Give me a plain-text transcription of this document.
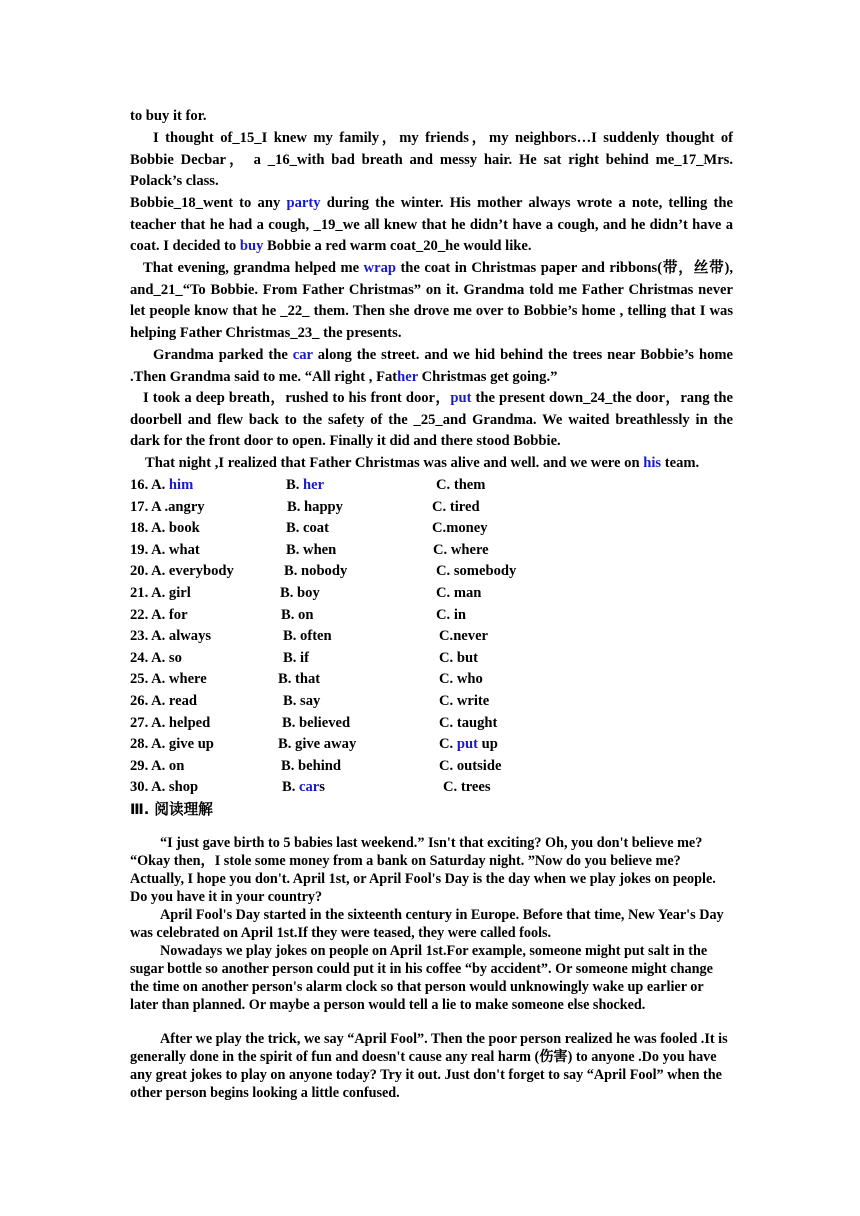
to buy it for.

I thought of_15_I knew my family，my friends，my neighbors…I suddenly thought of Bobbie Decbar， a _16_with bad breath and messy hair. He sat right behind me_17_Mrs. Polack’s class.

Bobbie_18_went to any party during the winter. His mother always wrote a note, telling the teacher that he had a cough, _19_we all knew that he didn’t have a cough, and he didn’t have a coat. I decided to buy Bobbie a red warm coat_20_he would like.

That evening, grandma helped me wrap the coat in Christmas paper and ribbons(带，丝带), and_21_“To Bobbie. From Father Christmas” on it. Grandma told me Father Christmas never let people know that he _22_ them. Then she drove me over to Bobbie’s home , telling that I was helping Father Christmas_23_ the presents.

Grandma parked the car along the street. and we hid behind the trees near Bobbie’s home .Then Grandma said to me. “All right , Father Christmas get going.”

I took a deep breath，rushed to his front door，put the present down_24_the door，rang the doorbell and flew back to the safety of the _25_and Grandma. We waited breathlessly in the dark for the front door to open. Finally it did and there stood Bobbie.

That night ,I realized that Father Christmas was alive and well. and we were on his team.

16. A. him	B. her	C. them
17. A .angry	B. happy	C. tired
18. A. book	B. coat	C.money
19. A. what	B. when	C. where
20. A. everybody	B. nobody	C. somebody
21. A. girl	B. boy	C. man
22. A. for	B. on	C. in
23. A. always	B. often	C.never
24. A. so	B. if	C. but
25. A. where	B. that	C. who
26. A. read	B. say	C. write
27. A. helped	B. believed	C. taught
28. A. give up	B. give away	C. put up
29. A. on	B. behind	C. outside
30. A. shop	B. cars	C. trees
Ⅲ. 阅读理解

“I just gave birth to 5 babies last weekend.” Isn't that exciting? Oh, you don't believe me? “Okay then，I stole some money from a bank on Saturday night. ”Now do you believe me? Actually, I hope you don't. April 1st, or April Fool's Day is the day when we play jokes on people. Do you have it in your country?

April Fool's Day started in the sixteenth century in Europe. Before that time, New Year's Day was celebrated on April 1st.If they were teased, they were called fools.

Nowadays we play jokes on people on April 1st.For example, someone might put salt in the sugar bottle so another person could put it in his coffee “by accident”. Or someone might change the time on another person's alarm clock so that person would unknowingly wake up earlier or later than planned. Or maybe a person would tell a lie to make someone else shocked.

After we play the trick, we say “April Fool”. Then the poor person realized he was fooled .It is generally done in the spirit of fun and doesn't cause any real harm (伤害) to anyone .Do you have any great jokes to play on anyone today? Try it out. Just don't forget to say “April Fool” when the other person begins looking a little confused.
